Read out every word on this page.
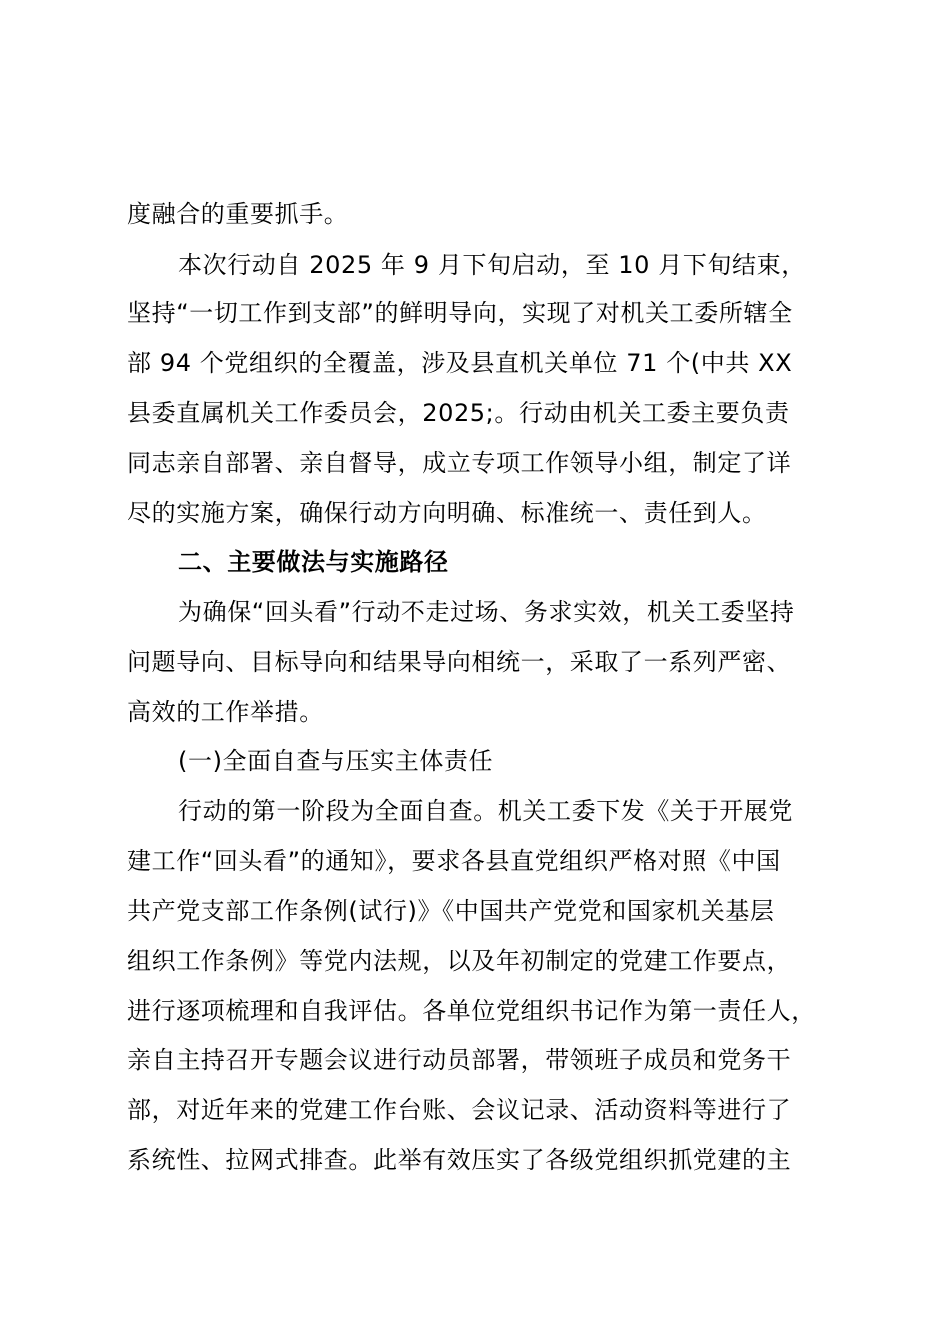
度融合的重要抓手。
本次行动自 2025 年 9 月下旬启动，至 10 月下旬结束，
坚持“一切工作到支部”的鲜明导向，实现了对机关工委所辖全
部 94 个党组织的全覆盖，涉及县直机关单位 71 个(中共 XX
县委直属机关工作委员会，2025;。行动由机关工委主要负责
同志亲自部署、亲自督导，成立专项工作领导小组，制定了详
尽的实施方案，确保行动方向明确、标准统一、责任到人。
二、主要做法与实施路径
为确保“回头看”行动不走过场、务求实效，机关工委坚持
问题导向、目标导向和结果导向相统一，采取了一系列严密、
高效的工作举措。
(一)全面自查与压实主体责任
行动的第一阶段为全面自查。机关工委下发《关于开展党
建工作“回头看”的通知》，要求各县直党组织严格对照《中国
共产党支部工作条例(试行)》《中国共产党党和国家机关基层
组织工作条例》等党内法规，以及年初制定的党建工作要点，
进行逐项梳理和自我评估。各单位党组织书记作为第一责任人，
亲自主持召开专题会议进行动员部署，带领班子成员和党务干
部，对近年来的党建工作台账、会议记录、活动资料等进行了
系统性、拉网式排查。此举有效压实了各级党组织抓党建的主
